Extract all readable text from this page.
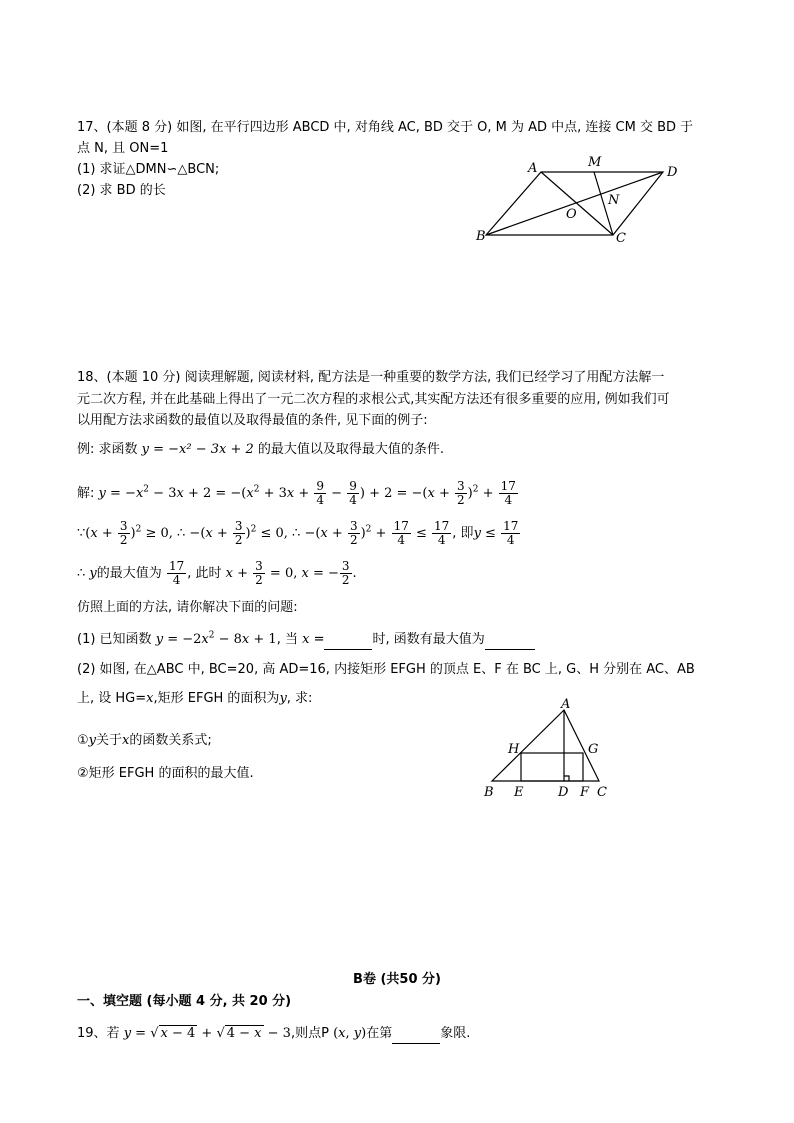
17、(本题 8 分) 如图, 在平行四边形 ABCD 中, 对角线 AC, BD 交于 O, M 为 AD 中点, 连接 CM 交 BD 于
点 N, 且 ON=1
(1) 求证△DMN∽△BCN;
(2) 求 BD 的长
A	M
D
O
N
B	C
18、(本题 10 分) 阅读理解题, 阅读材料, 配方法是一种重要的数学方法, 我们已经学习了用配方法解一
元二次方程, 并在此基础上得出了一元二次方程的求根公式,其实配方法还有很多重要的应用, 例如我们可
以用配方法求函数的最值以及取得最值的条件, 见下面的例子:
例: 求函数 y = −x² − 3x + 2 的最大值以及取得最大值的条件.
解: $y = -x^2 - 3x + 2 = -(x^2 + 3x + \frac{9}{4} - \frac{9}{4}$ ) + $2 = -(x + \frac{3}{2} )^2 + \frac{17}{4}$
∵(x + $\frac{3}{2} )^2 \ge 0$, ∴ $-(x + \frac{3}{2} )^2 \le 0$, ∴ $-(x + \frac{3}{2} )^2 + \frac{17}{4} \le \frac{17}{4}$ , 即$y \le \frac{17}{4}$
∴ y的最大值为 $\frac{17}{4}$ , 此时 $x + \frac{3}{2} = 0$, x = − $\frac{3}{2}$ .
仿照上面的方法, 请你解决下面的问题:
(1) 已知函数 $y = -2x^2 - 8x + 1$, 当 x =	时, 函数有最大值为
(2) 如图, 在△ABC 中, BC=20, 高 AD=16, 内接矩形 EFGH 的顶点 E、F 在 BC 上, G、H 分别在 AC、AB
上, 设 HG=x,矩形 EFGH 的面积为y, 求:
①y关于x的函数关系式;
②矩形 EFGH 的面积的最大值.
A
H	G
B E	D F C
B卷 (共50 分)
一、填空题 (每小题 4 分, 共 20 分)
19、若 y = √ x − 4 + √ 4 − x − 3,则点P (x, y)在第	象限.
